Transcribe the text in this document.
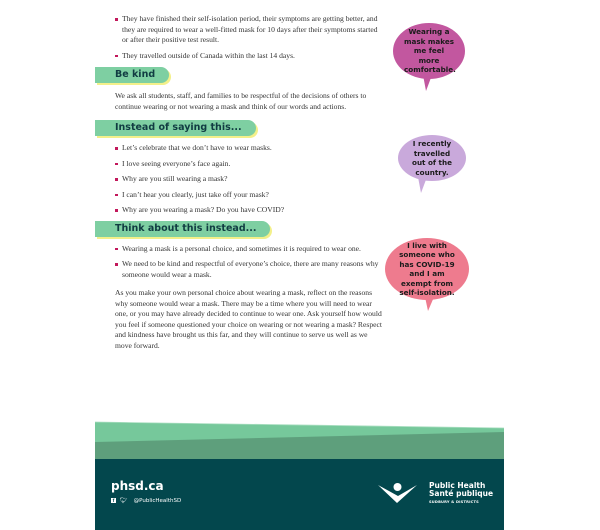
They have finished their self-isolation period, their symptoms are getting better, and they are required to wear a well-fitted mask for 10 days after their symptoms started or after their positive test result.
They travelled outside of Canada within the last 14 days.
Be kind

We ask all students, staff, and families to be respectful of the decisions of others to continue wearing or not wearing a mask and think of our words and actions.

Instead of saying this...
Let’s celebrate that we don’t have to wear masks.
I love seeing everyone’s face again.
Why are you still wearing a mask?
I can’t hear you clearly, just take off your mask?
Why are you wearing a mask? Do you have COVID?
Think about this instead...
Wearing a mask is a personal choice, and sometimes it is required to wear one.
We need to be kind and respectful of everyone’s choice, there are many reasons why someone would wear a mask.

As you make your own personal choice about wearing a mask, reflect on the reasons why someone would wear a mask. There may be a time where you will need to wear one, or you may have already decided to continue to wear one. Ask yourself how would you feel if someone questioned your choice on wearing or not wearing a mask? Respect and kindness have brought us this far, and they will continue to serve us well as we move forward.

Wearing a mask makes me feel more comfortable.
I recently travelled out of the country.
I live with someone who has COVID-19 and I am exempt from self-isolation.
phsd.ca
f 🐦︎ @PublicHealthSD
Public Health
Santé publique
SUDBURY & DISTRICTS
